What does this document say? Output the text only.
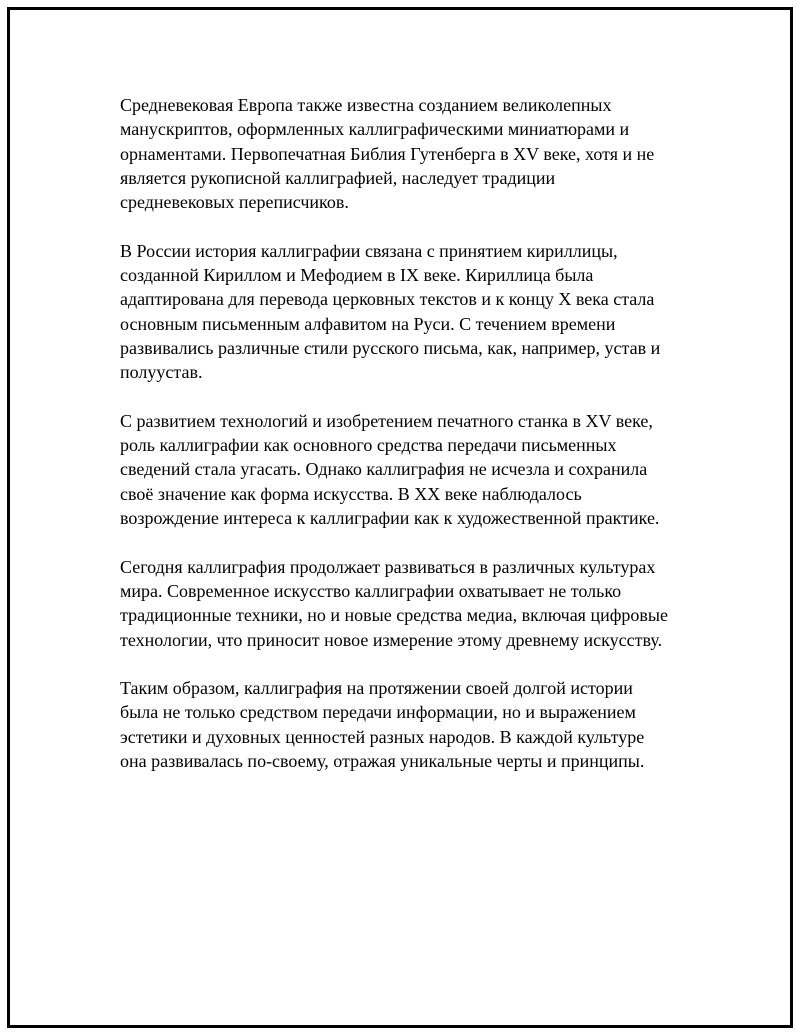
Средневековая Европа также известна созданием великолепных
манускриптов, оформленных каллиграфическими миниатюрами и
орнаментами. Первопечатная Библия Гутенберга в XV веке, хотя и не
является рукописной каллиграфией, наследует традиции
средневековых переписчиков.

В России история каллиграфии связана с принятием кириллицы,
созданной Кириллом и Мефодием в IX веке. Кириллица была
адаптирована для перевода церковных текстов и к концу X века стала
основным письменным алфавитом на Руси. С течением времени
развивались различные стили русского письма, как, например, устав и
полуустав.

С развитием технологий и изобретением печатного станка в XV веке,
роль каллиграфии как основного средства передачи письменных
сведений стала угасать. Однако каллиграфия не исчезла и сохранила
своё значение как форма искусства. В XX веке наблюдалось
возрождение интереса к каллиграфии как к художественной практике.

Сегодня каллиграфия продолжает развиваться в различных культурах
мира. Современное искусство каллиграфии охватывает не только
традиционные техники, но и новые средства медиа, включая цифровые
технологии, что приносит новое измерение этому древнему искусству.

Таким образом, каллиграфия на протяжении своей долгой истории
была не только средством передачи информации, но и выражением
эстетики и духовных ценностей разных народов. В каждой культуре
она развивалась по-своему, отражая уникальные черты и принципы.
